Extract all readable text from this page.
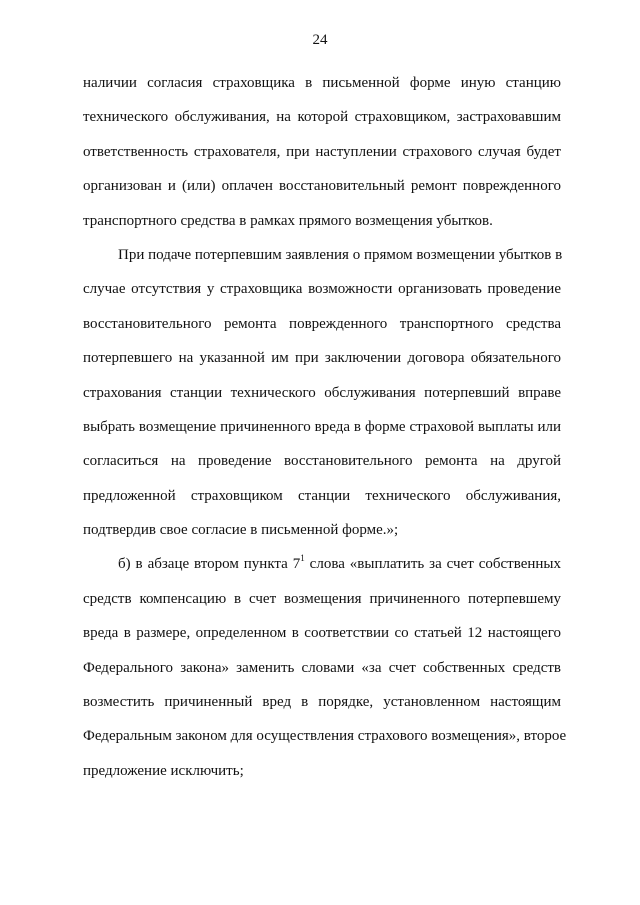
24
наличии согласия страховщика в письменной форме иную станцию
технического обслуживания, на которой страховщиком, застраховавшим
ответственность страхователя, при наступлении страхового случая будет
организован и (или) оплачен восстановительный ремонт поврежденного
транспортного средства в рамках прямого возмещения убытков.
При подаче потерпевшим заявления о прямом возмещении убытков в
случае отсутствия у страховщика возможности организовать проведение
восстановительного ремонта поврежденного транспортного средства
потерпевшего на указанной им при заключении договора обязательного
страхования станции технического обслуживания потерпевший вправе
выбрать возмещение причиненного вреда в форме страховой выплаты или
согласиться на проведение восстановительного ремонта на другой
предложенной страховщиком станции технического обслуживания,
подтвердив свое согласие в письменной форме.»;
б) в абзаце втором пункта 7$^1$ слова «выплатить за счет собственных
средств компенсацию в счет возмещения причиненного потерпевшему
вреда в размере, определенном в соответствии со статьей 12 настоящего
Федерального закона» заменить словами «за счет собственных средств
возместить причиненный вред в порядке, установленном настоящим
Федеральным законом для осуществления страхового возмещения», второе
предложение исключить;
